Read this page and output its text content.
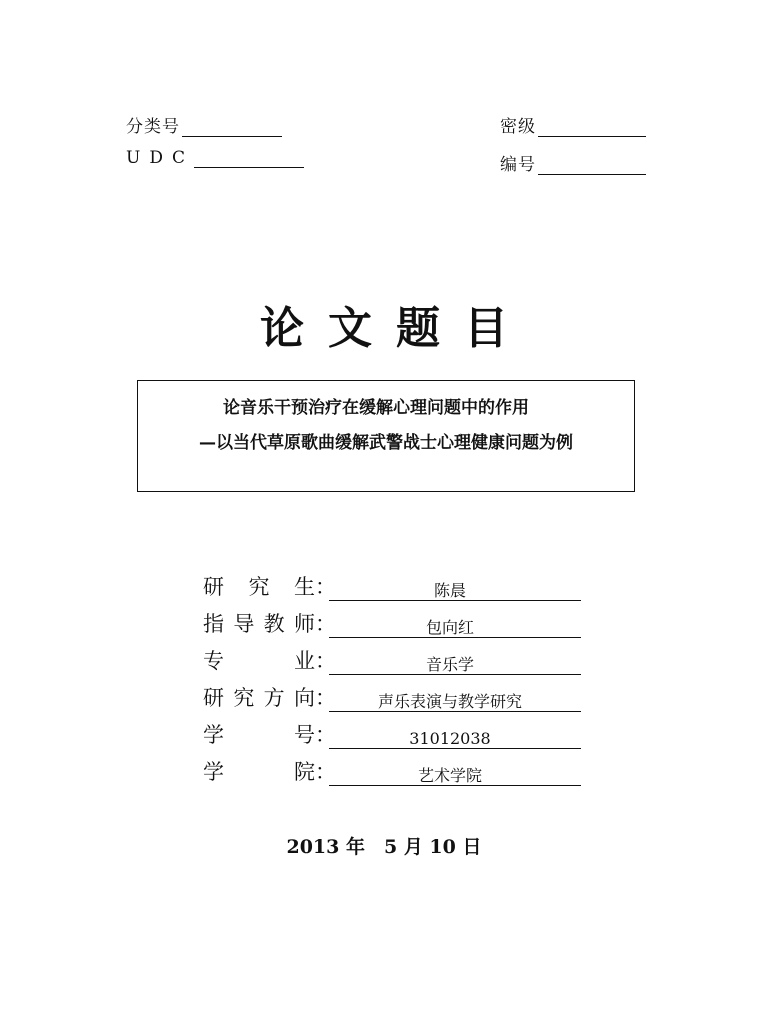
分类号	密级
UDC	编号
论文题目
论音乐干预治疗在缓解心理问题中的作用
—以当代草原歌曲缓解武警战士心理健康问题为例
研 究 生 ：	陈晨
指 导 教 师 ：	包向红
专	业 ：	音乐学
研 究 方 向 ：	声乐表演与教学研究
学	号 ：	31012038
学	院 ：	艺术学院
2013 年　5 月 10 日
